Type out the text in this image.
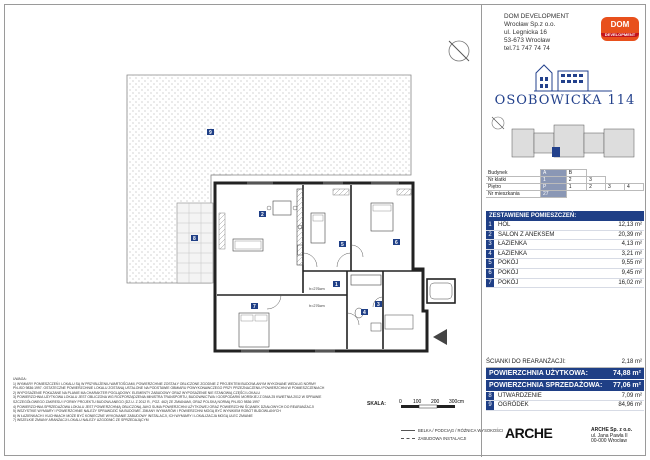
h=276cm
h=276cm
1
2
3
4
5	6
7
8
9
UWAGA:
1) WYMIARY POMIESZCZEŃ I LOKALU SĄ W PRZYBLIŻENIU WARTOŚCIAMI, POWIERZCHNIE ZOSTAŁY OBLICZONE ZGODNIE Z PROJEKTEM BUDOWLANYM WYKONANE WEDŁUG NORMY
PN-ISO 9836:1997. OSTATECZNE POWIERZCHNIE LOKALU ZOSTANĄ USTALONE NA PODSTAWIE OBMIARU POWYKONAWCZEGO PRZY PRZEZNACZENIU POWIERZCHNI W POMIESZCZENIACH
2) WYPOSAŻENIE POKAZANE NA PLANIE MA CHARAKTER POGLĄDOWY. ELEMENTY ZABUDOWY ORAZ WYPOSAŻENIE NIE STANOWIĄ CZĘŚCI LOKALU
3) POWIERZCHNIA UŻYTKOWA LOKALU JEST OBLICZONA WG ROZPORZĄDZENIA MINISTRA TRANSPORTU, BUDOWNICTWA I GOSPODARKI MORSKIEJ Z DNIA 25 KWIETNIA 2012 W SPRAWIE
SZCZEGÓŁOWEGO ZAKRESU I FORMY PROJEKTU BUDOWLANEGO (DZ.U. Z 2012 R., POZ. 462) ZE ZMIANAMI, ORAZ POLSKĄ NORMĄ PN-ISO 9836:1997
4) POWIERZCHNIA SPRZEDAŻOWA LOKALU JEST POWIERZCHNIĄ OBLICZONĄ JAKO SUMA POWIERZCHNI UŻYTKOWEJ ORAZ POWIERZCHNI ŚCIANEK DZIAŁOWYCH DO REARANŻACJI
5) WSZYSTKIE WYMIARY I POWIERZCHNIE NALEŻY SPRAWDZIĆ NA BUDOWIE. ZMIANY WYMIARÓW I POWIERZCHNI MOGĄ BYĆ WYNIKIEM ROBÓT BUDOWLANYCH
6) W ŁAZIENKACH I KUCHNIACH MOŻE BYĆ KONIECZNE WYKONANIE ZABUDOWY INSTALACJI, ICH WYMIARY I LOKALIZACJA MOGĄ ULEC ZMIANIE
7) WSZELKIE ZMIANY ARANŻACJI LOKALU NALEŻY UZGODNIĆ ZE SPRZEDAJĄCYM
SKALA:	0 100 200 300cm
BELKA / PODCIĄG / RÓŻNICA WYSOKOŚCI
ZABUDOWA INSTALACJI
DOM DEVELOPMENT
Wrocław Sp.z o.o.
ul. Legnicka 16
53-673 Wrocław
tel.71 747 74 74
DOM
DEVELOPMENT
OSOBOWICKA 114
Budynek	A	B			
Nr klatki	1	2	3		
Piętro	P	1	2	3	4
Nr mieszkania	27				
ZESTAWIENIE POMIESZCZEŃ:
1	HOL	12,13 m²
2	SALON Z ANEKSEM	20,39 m²
3	ŁAZIENKA	4,13 m²
4	ŁAZIENKA	3,21 m²
5	POKÓJ	9,55 m²
6	POKÓJ	9,45 m²
7	POKÓJ	16,02 m²
ŚCIANKI DO REARANŻACJI:	2,18 m²
POWIERZCHNIA UŻYTKOWA:	74,88 m²
POWIERZCHNIA SPRZEDAŻOWA: 77,06 m²
8	UTWARDZENIE	7,09 m²
9	OGRÓDEK	84,96 m²
ARCHE	ARCHE Sp. z o.o.
ul. Jana Pawła II
00-000 Wrocław
